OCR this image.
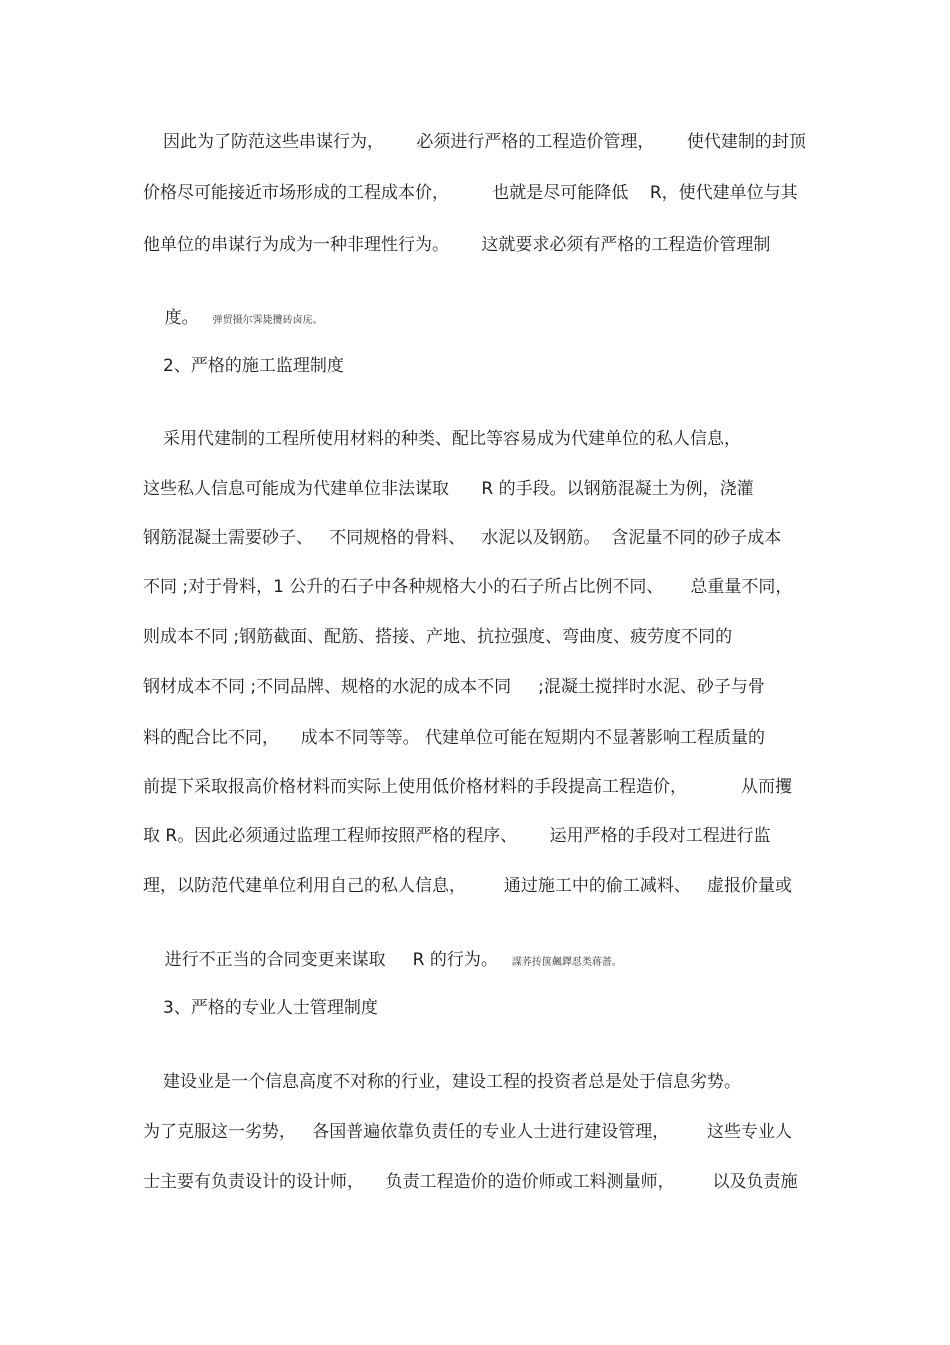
因此为了防范这些串谋行为，      必须进行严格的工程造价管理，      使代建制的封顶
价格尽可能接近市场形成的工程成本价，        也就是尽可能降低    R，使代建单位与其
他单位的串谋行为成为一种非理性行为。      这就要求必须有严格的工程造价管理制

度。 弹贸摄尔霁毙攬砖卤庑。

2、严格的施工监理制度
采用代建制的工程所使用材料的种类、配比等容易成为代建单位的私人信息，
这些私人信息可能成为代建单位非法谋取      R 的手段。以钢筋混凝土为例，浇灌
钢筋混凝土需要砂子、   不同规格的骨料、   水泥以及钢筋。  含泥量不同的砂子成本
不同 ;对于骨料，1 公升的石子中各种规格大小的石子所占比例不同、     总重量不同，
则成本不同 ;钢筋截面、配筋、搭接、产地、抗拉强度、弯曲度、疲劳度不同的
钢材成本不同 ;不同品牌、规格的水泥的成本不同     ;混凝土搅拌时水泥、砂子与骨
料的配合比不同，    成本不同等等。 代建单位可能在短期内不显著影响工程质量的
前提下采取报高价格材料而实际上使用低价格材料的手段提高工程造价，          从而攫
取 R。因此必须通过监理工程师按照严格的程序、      运用严格的手段对工程进行监
理，以防范代建单位利用自己的私人信息，       通过施工中的偷工减料、   虚报价量或

进行不正当的合同变更来谋取     R 的行为。 謀荞抟箧飆鐸怼类蒋蔷。

3、严格的专业人士管理制度
建设业是一个信息高度不对称的行业，建设工程的投资者总是处于信息劣势。
为了克服这一劣势，   各国普遍依靠负责任的专业人士进行建设管理，       这些专业人
士主要有负责设计的设计师，    负责工程造价的造价师或工料测量师，       以及负责施
